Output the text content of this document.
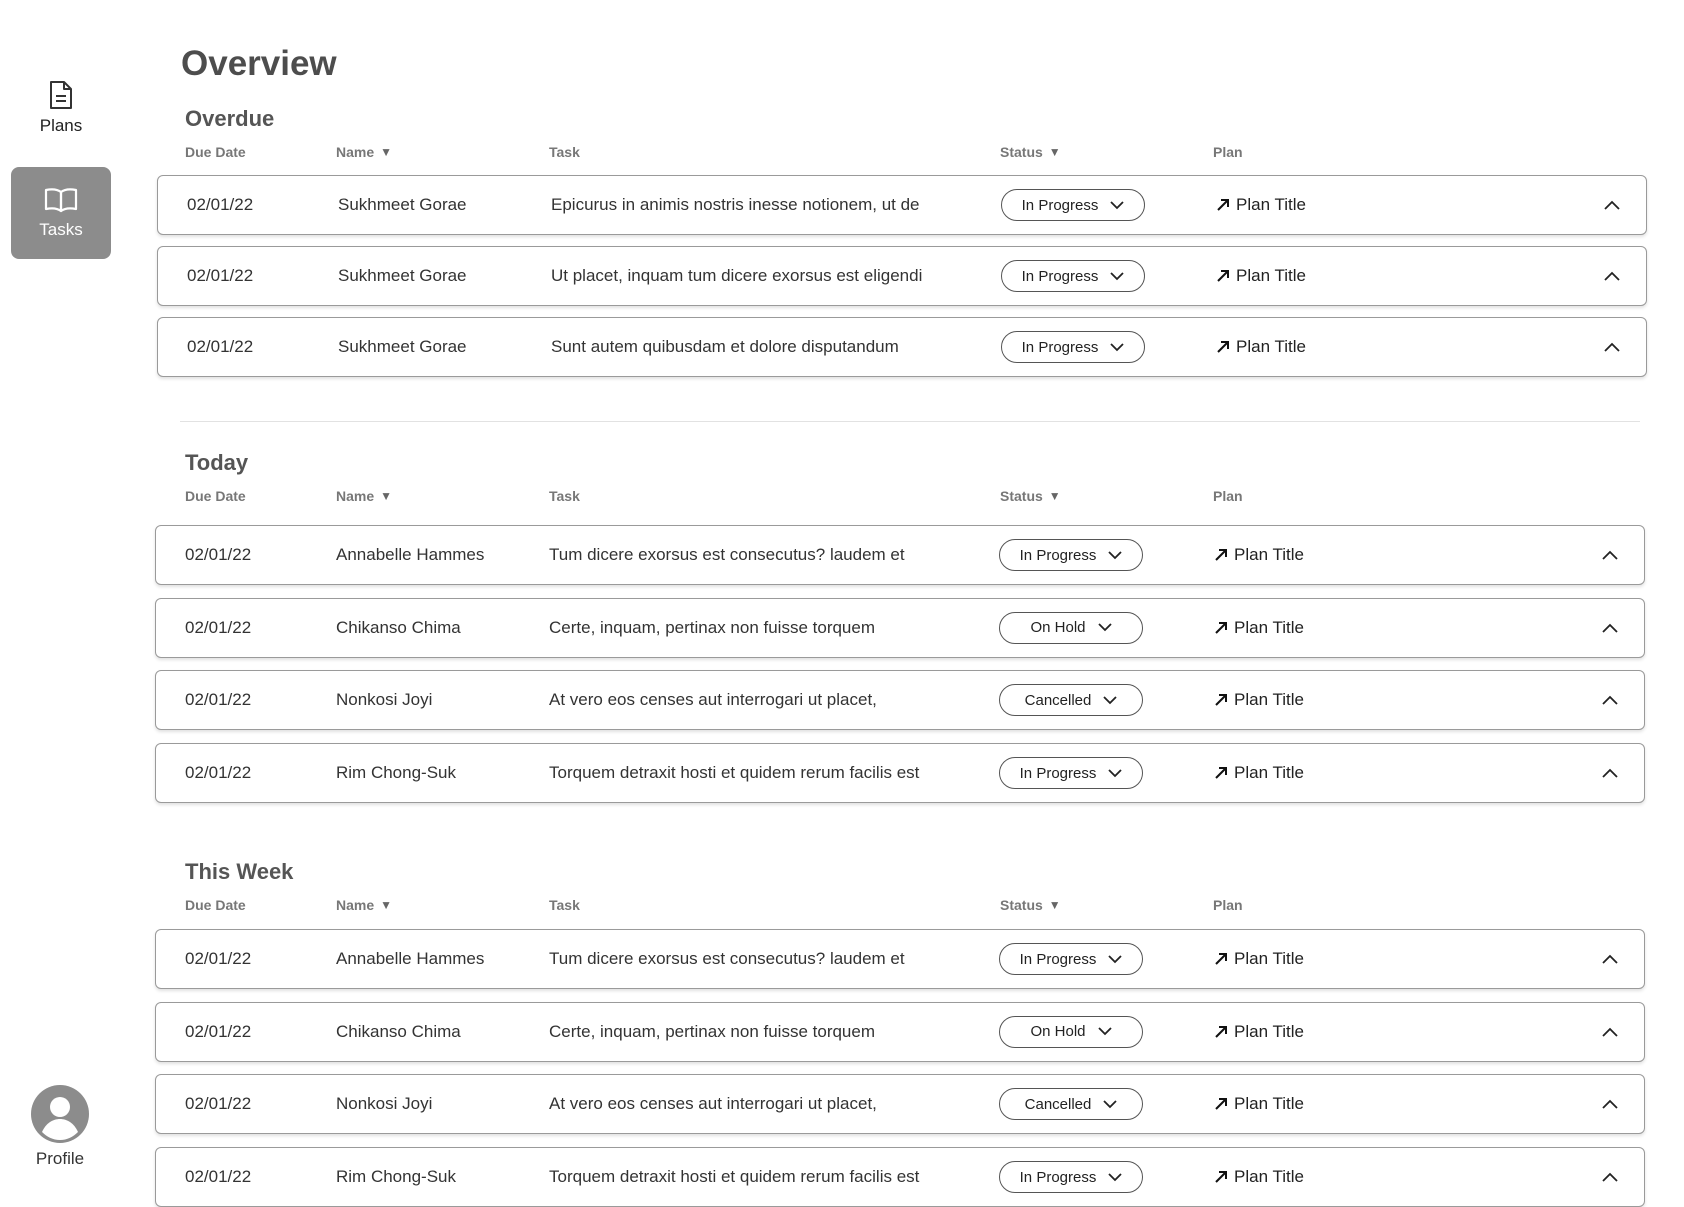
Plans
Tasks
Profile
Overview
Overdue
Due Date	Name ▼	Task	Status ▼	Plan
02/01/22	Sukhmeet Gorae	Epicurus in animis nostris inesse notionem, ut de	In Progress	Plan Title
02/01/22	Sukhmeet Gorae	Ut placet, inquam tum dicere exorsus est eligendi	In Progress	Plan Title
02/01/22	Sukhmeet Gorae	Sunt autem quibusdam et dolore disputandum	In Progress	Plan Title
Today
Due Date	Name ▼	Task	Status ▼	Plan
02/01/22	Annabelle Hammes	Tum dicere exorsus est consecutus? laudem et	In Progress	Plan Title
02/01/22	Chikanso Chima	Certe, inquam, pertinax non fuisse torquem	On Hold	Plan Title
02/01/22	Nonkosi Joyi	At vero eos censes aut interrogari ut placet,	Cancelled	Plan Title
02/01/22	Rim Chong-Suk	Torquem detraxit hosti et quidem rerum facilis est	In Progress	Plan Title
This Week
Due Date	Name ▼	Task	Status ▼	Plan
02/01/22	Annabelle Hammes	Tum dicere exorsus est consecutus? laudem et	In Progress	Plan Title
02/01/22	Chikanso Chima	Certe, inquam, pertinax non fuisse torquem	On Hold	Plan Title
02/01/22	Nonkosi Joyi	At vero eos censes aut interrogari ut placet,	Cancelled	Plan Title
02/01/22	Rim Chong-Suk	Torquem detraxit hosti et quidem rerum facilis est	In Progress	Plan Title
